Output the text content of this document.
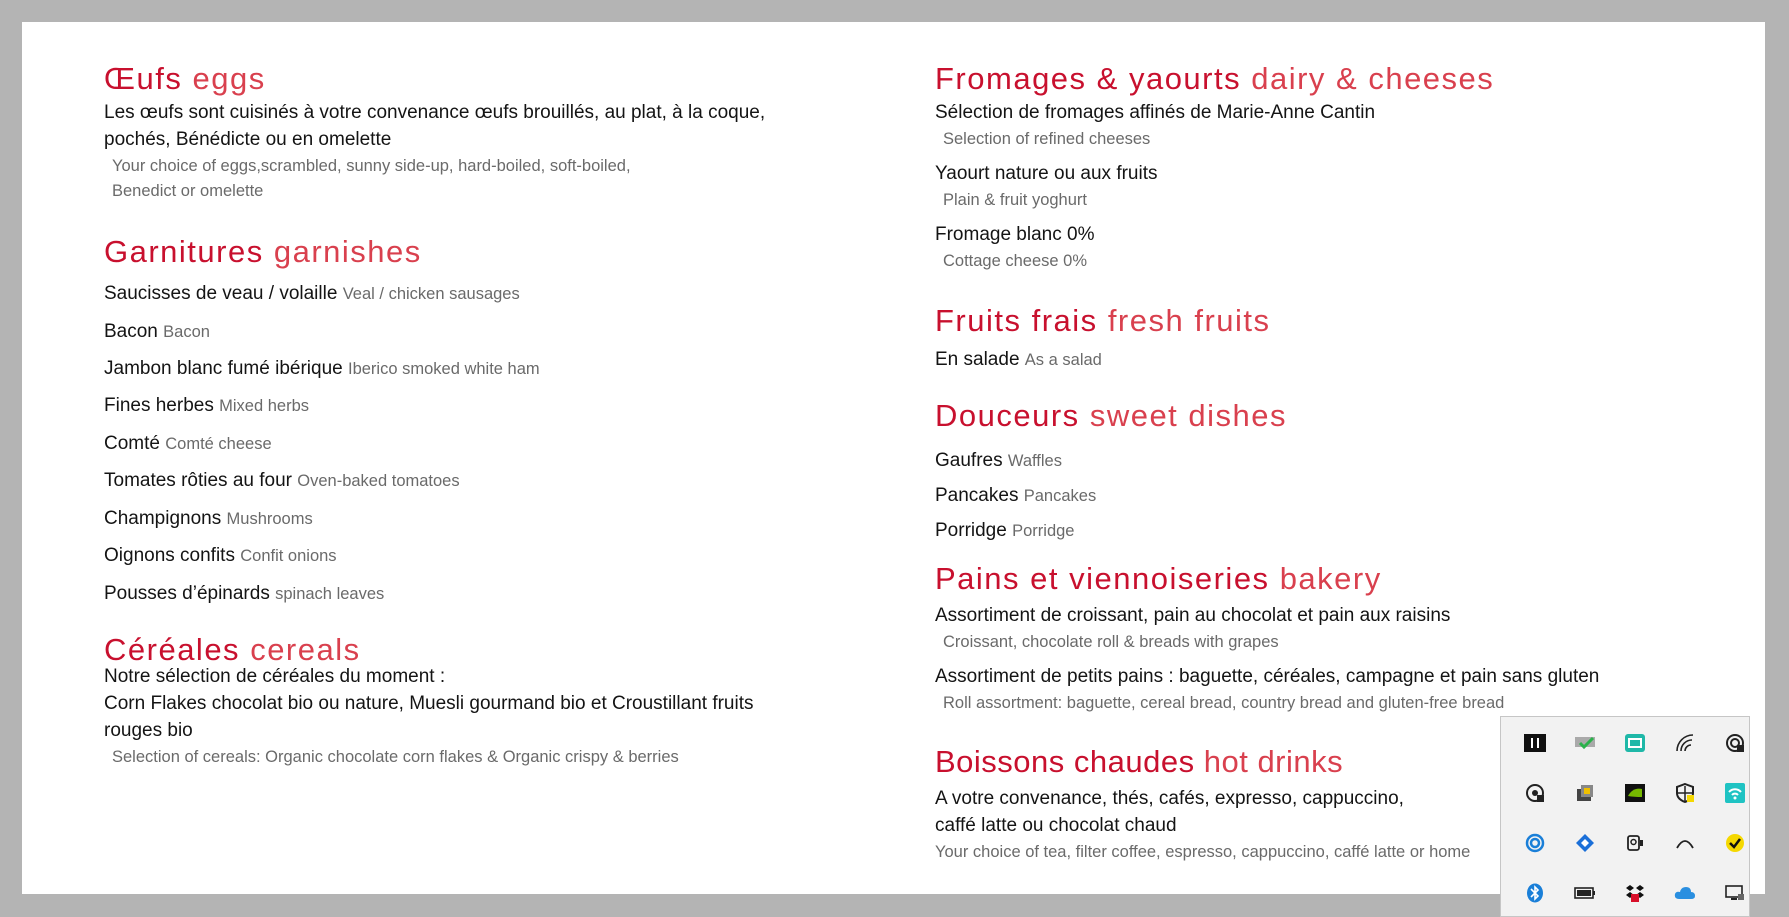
Œufs eggs
Les œufs sont cuisinés à votre convenance œufs brouillés, au plat, à la coque,
pochés, Bénédicte ou en omelette
Your choice of eggs,scrambled, sunny side-up, hard-boiled, soft-boiled,
Benedict or omelette
Garnitures garnishes
Saucisses de veau / volaille Veal / chicken sausages
Bacon Bacon
Jambon blanc fumé ibérique Iberico smoked white ham
Fines herbes Mixed herbs
Comté Comté cheese
Tomates rôties au four Oven-baked tomatoes
Champignons Mushrooms
Oignons confits Confit onions
Pousses d’épinards spinach leaves
Céréales cereals
Notre sélection de céréales du moment :
Corn Flakes chocolat bio ou nature, Muesli gourmand bio et Croustillant fruits
rouges bio
Selection of cereals: Organic chocolate corn flakes & Organic crispy & berries
Fromages & yaourts dairy & cheeses
Sélection de fromages affinés de Marie-Anne Cantin
Selection of refined cheeses
Yaourt nature ou aux fruits
Plain & fruit yoghurt
Fromage blanc 0%
Cottage cheese 0%
Fruits frais fresh fruits
En salade As a salad
Douceurs sweet dishes
Gaufres Waffles
Pancakes Pancakes
Porridge Porridge
Pains et viennoiseries bakery
Assortiment de croissant, pain au chocolat et pain aux raisins
Croissant, chocolate roll & breads with grapes
Assortiment de petits pains : baguette, céréales, campagne et pain sans gluten
Roll assortment: baguette, cereal bread, country bread and gluten-free bread
Boissons chaudes hot drinks
A votre convenance, thés, cafés, expresso, cappuccino,
caffé latte ou chocolat chaud
Your choice of tea, filter coffee, espresso, cappuccino, caffé latte or home
